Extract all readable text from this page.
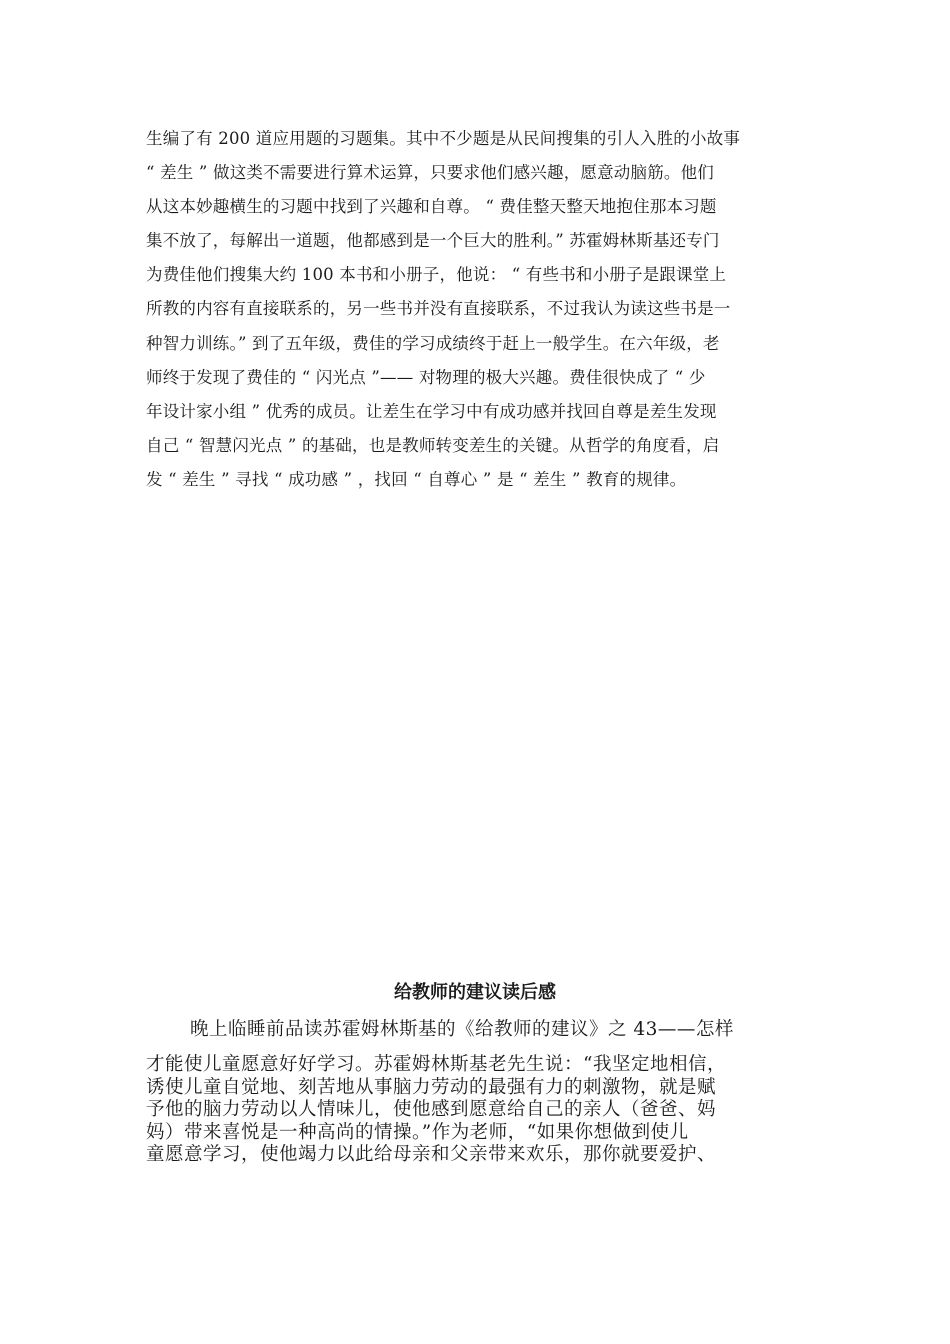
生编了有 200 道应用题的习题集。其中不少题是从民间搜集的引人入胜的小故事
“ 差生 ” 做这类不需要进行算术运算，只要求他们感兴趣，愿意动脑筋。他们
从这本妙趣横生的习题中找到了兴趣和自尊。 “ 费佳整天整天地抱住那本习题
集不放了，每解出一道题，他都感到是一个巨大的胜利。” 苏霍姆林斯基还专门
为费佳他们搜集大约 100 本书和小册子，他说： “ 有些书和小册子是跟课堂上
所教的内容有直接联系的，另一些书并没有直接联系，不过我认为读这些书是一
种智力训练。” 到了五年级，费佳的学习成绩终于赶上一般学生。在六年级，老
师终于发现了费佳的 “ 闪光点 ”—— 对物理的极大兴趣。费佳很快成了 “ 少
年设计家小组 ” 优秀的成员。让差生在学习中有成功感并找回自尊是差生发现
自己 “ 智慧闪光点 ” 的基础，也是教师转变差生的关键。从哲学的角度看，启
发 “ 差生 ” 寻找 “ 成功感 ” ，找回 “ 自尊心 ” 是 “ 差生 ” 教育的规律。
给教师的建议读后感
晚上临睡前品读苏霍姆林斯基的《给教师的建议》之 43——怎样
才能使儿童愿意好好学习。苏霍姆林斯基老先生说：“我坚定地相信，
诱使儿童自觉地、刻苦地从事脑力劳动的最强有力的刺激物，就是赋
予他的脑力劳动以人情味儿，使他感到愿意给自己的亲人（爸爸、妈
妈）带来喜悦是一种高尚的情操。”作为老师，“如果你想做到使儿
童愿意学习，使他竭力以此给母亲和父亲带来欢乐，那你就要爱护、
